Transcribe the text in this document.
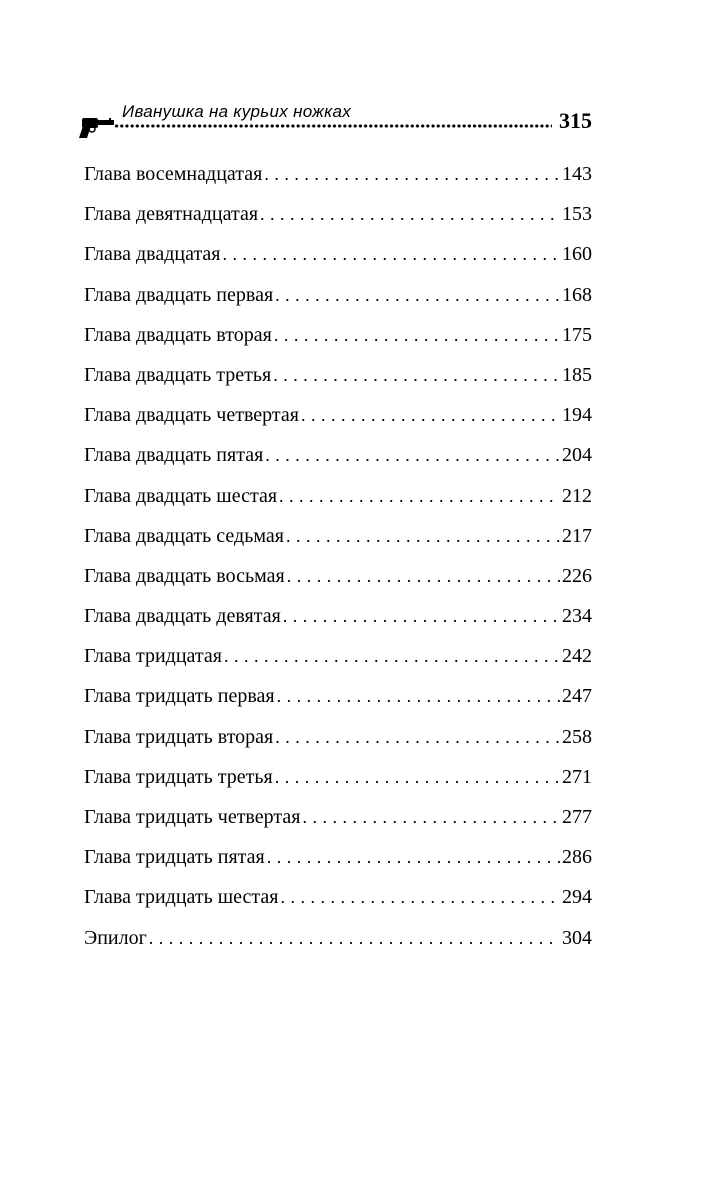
Иванушка на курьих ножках	315
Глава восемнадцатая . . .	143
Глава девятнадцатая . . .	153
Глава двадцатая . . .	160
Глава двадцать первая . . .	168
Глава двадцать вторая . . .	175
Глава двадцать третья . . .	185
Глава двадцать четвертая . . .	194
Глава двадцать пятая . . .	204
Глава двадцать шестая . . .	212
Глава двадцать седьмая . . .	217
Глава двадцать восьмая . . .	226
Глава двадцать девятая . . .	234
Глава тридцатая . . .	242
Глава тридцать первая . . .	247
Глава тридцать вторая . . .	258
Глава тридцать третья . . .	271
Глава тридцать четвертая . . .	277
Глава тридцать пятая . . .	286
Глава тридцать шестая . . .	294
Эпилог . . .	304
